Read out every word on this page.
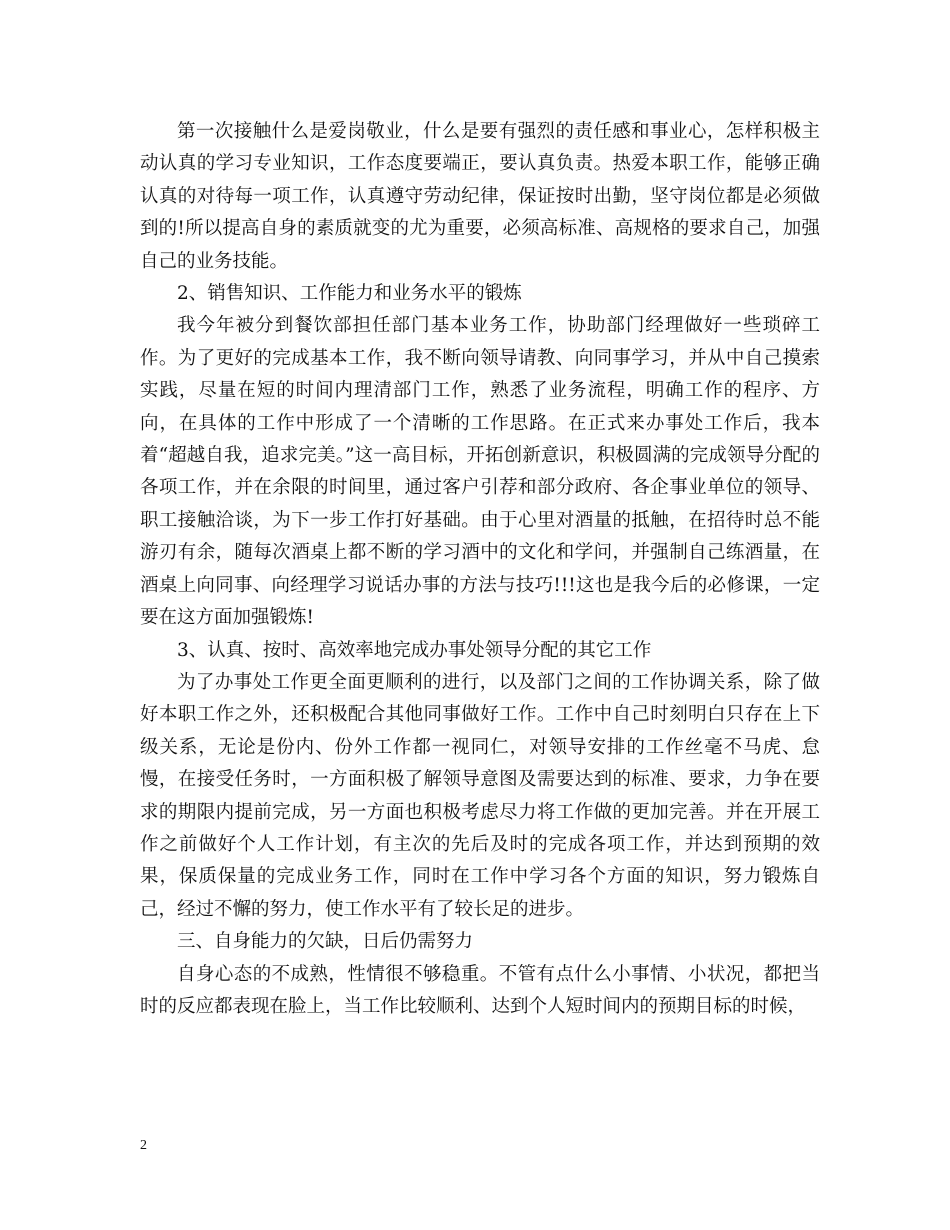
第一次接触什么是爱岗敬业，什么是要有强烈的责任感和事业心，怎样积极主动认真的学习专业知识，工作态度要端正，要认真负责。热爱本职工作，能够正确认真的对待每一项工作，认真遵守劳动纪律，保证按时出勤，坚守岗位都是必须做到的!所以提高自身的素质就变的尤为重要，必须高标准、高规格的要求自己，加强自己的业务技能。

2、销售知识、工作能力和业务水平的锻炼

我今年被分到餐饮部担任部门基本业务工作，协助部门经理做好一些琐碎工作。为了更好的完成基本工作，我不断向领导请教、向同事学习，并从中自己摸索实践，尽量在短的时间内理清部门工作，熟悉了业务流程，明确工作的程序、方向，在具体的工作中形成了一个清晰的工作思路。在正式来办事处工作后，我本着“超越自我，追求完美。”这一高目标，开拓创新意识，积极圆满的完成领导分配的各项工作，并在余限的时间里，通过客户引荐和部分政府、各企事业单位的领导、职工接触洽谈，为下一步工作打好基础。由于心里对酒量的抵触，在招待时总不能游刃有余，随每次酒桌上都不断的学习酒中的文化和学问，并强制自己练酒量，在酒桌上向同事、向经理学习说话办事的方法与技巧!!!这也是我今后的必修课，一定要在这方面加强锻炼!

3、认真、按时、高效率地完成办事处领导分配的其它工作

为了办事处工作更全面更顺利的进行，以及部门之间的工作协调关系，除了做好本职工作之外，还积极配合其他同事做好工作。工作中自己时刻明白只存在上下级关系，无论是份内、份外工作都一视同仁，对领导安排的工作丝毫不马虎、怠慢，在接受任务时，一方面积极了解领导意图及需要达到的标准、要求，力争在要求的期限内提前完成，另一方面也积极考虑尽力将工作做的更加完善。并在开展工作之前做好个人工作计划，有主次的先后及时的完成各项工作，并达到预期的效果，保质保量的完成业务工作，同时在工作中学习各个方面的知识，努力锻炼自己，经过不懈的努力，使工作水平有了较长足的进步。

三、自身能力的欠缺，日后仍需努力

自身心态的不成熟，性情很不够稳重。不管有点什么小事情、小状况，都把当时的反应都表现在脸上，当工作比较顺利、达到个人短时间内的预期目标的时候，

2
